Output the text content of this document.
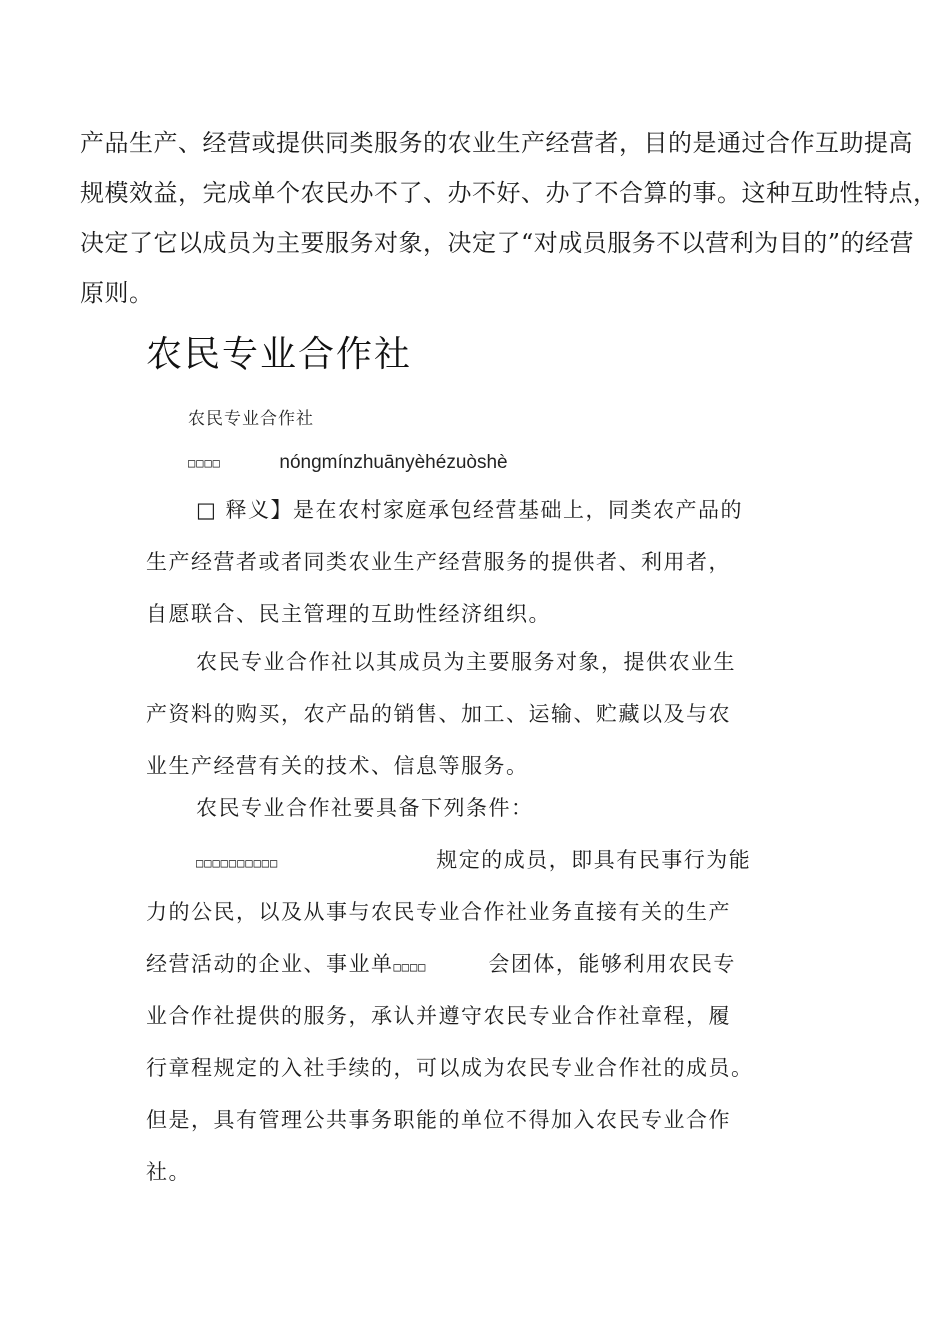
产品生产、经营或提供同类服务的农业生产经营者，目的是通过合作互助提高
规模效益，完成单个农民办不了、办不好、办了不合算的事。这种互助性特点，
决定了它以成员为主要服务对象，决定了“对成员服务不以营利为目的”的经营
原则。
农民专业合作社
农民专业合作社
□□□□	nóngmínzhuānyèhézuòshè
□ 释义】是在农村家庭承包经营基础上，同类农产品的
生产经营者或者同类农业生产经营服务的提供者、利用者，
自愿联合、民主管理的互助性经济组织。
农民专业合作社以其成员为主要服务对象，提供农业生
产资料的购买，农产品的销售、加工、运输、贮藏以及与农
业生产经营有关的技术、信息等服务。
农民专业合作社要具备下列条件：
□□□□□□□□□□	规定的成员，即具有民事行为能
力的公民，以及从事与农民专业合作社业务直接有关的生产
经营活动的企业、事业单□□□□	会团体，能够利用农民专
业合作社提供的服务，承认并遵守农民专业合作社章程，履
行章程规定的入社手续的，可以成为农民专业合作社的成员。
但是，具有管理公共事务职能的单位不得加入农民专业合作
社。
